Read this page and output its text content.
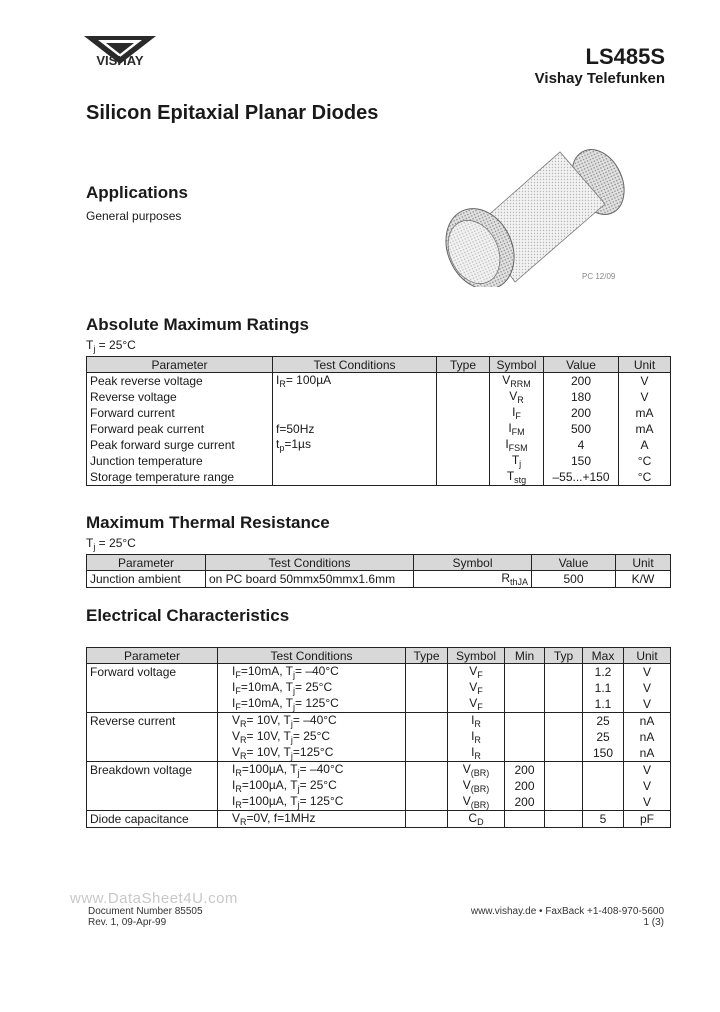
VISHAY	LS485S
Vishay Telefunken
Silicon Epitaxial Planar Diodes
Applications
General purposes
PC 12/09
Absolute Maximum Ratings
$T_j = 25^\circ C$
Parameter	Test Conditions	Type	Symbol	Value	Unit
Peak reverse voltage	$I_R= 100\mu A$		$V_{RRM}$	200	V
Reverse voltage			$V_R$	180	V
Forward current			$I_F$	200	mA
Forward peak current	f=50Hz		$I_{FM}$	500	mA
Peak forward surge current	$t_p=1\mu s$		$I_{FSM}$	4	A
Junction temperature			$T_j$	150	°C
Storage temperature range			$T_{stg}$	–55...+150	°C
Maximum Thermal Resistance
$T_j = 25^\circ C$
Parameter	Test Conditions	Symbol	Value	Unit
Junction ambient	on PC board 50mmx50mmx1.6mm	$R_{thJA}$	500	K/W
Electrical Characteristics
Parameter	Test Conditions	Type	Symbol	Min	Typ	Max	Unit
Forward voltage	$I_F=10mA$, $T_j= -40^\circ C$		$V_F$			1.2	V
	$I_F=10mA$, $T_j= 25^\circ C$		$V_F$			1.1	V
	$I_F=10mA$, $T_j= 125^\circ C$		$V_F$			1.1	V
Reverse current	$V_R= 10V$, $T_j= -40^\circ C$		$I_R$			25	nA
	$V_R= 10V$, $T_j= 25^\circ C$		$I_R$			25	nA
	$V_R= 10V$, $T_j=125^\circ C$		$I_R$			150	nA
Breakdown voltage	$I_R=100\mu A$, $T_j= -40^\circ C$		$V_{(BR)}$	200			V
	$I_R=100\mu A$, $T_j= 25^\circ C$		$V_{(BR)}$	200			V
	$I_R=100\mu A$, $T_j= 125^\circ C$		$V_{(BR)}$	200			V
Diode capacitance	$V_R=0V$, f=1MHz		$C_D$			5	pF
www.DataSheet4U.com
Document Number 85505
Rev. 1, 09-Apr-99
www.vishay.de • FaxBack +1-408-970-5600
1 (3)
